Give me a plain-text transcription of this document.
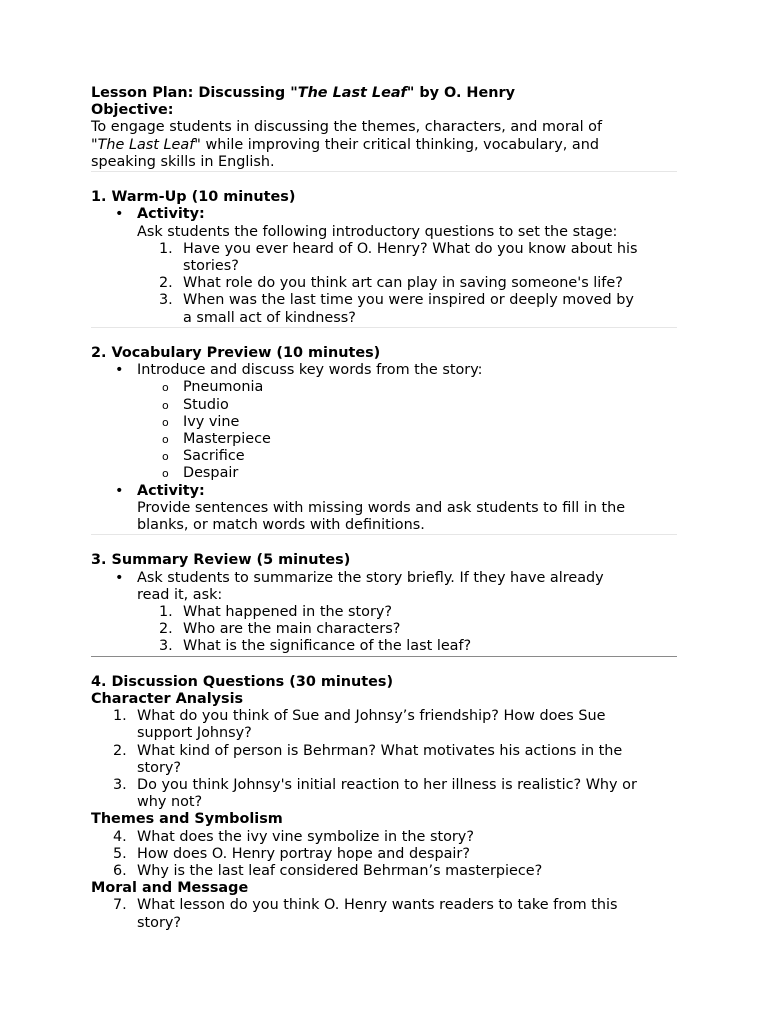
Lesson Plan: Discussing "The Last Leaf" by O. Henry

Objective:

To engage students in discussing the themes, characters, and moral of

"The Last Leaf" while improving their critical thinking, vocabulary, and

speaking skills in English.

1. Warm-Up (10 minutes)

• Activity:

Ask students the following introductory questions to set the stage:

1. Have you ever heard of O. Henry? What do you know about his

stories?

2. What role do you think art can play in saving someone's life?

3. When was the last time you were inspired or deeply moved by

a small act of kindness?

2. Vocabulary Preview (10 minutes)

• Introduce and discuss key words from the story:

o Pneumonia

o Studio

o Ivy vine

o Masterpiece

o Sacrifice

o Despair

• Activity:

Provide sentences with missing words and ask students to fill in the

blanks, or match words with definitions.

3. Summary Review (5 minutes)

• Ask students to summarize the story briefly. If they have already

read it, ask:

1. What happened in the story?

2. Who are the main characters?

3. What is the significance of the last leaf?

4. Discussion Questions (30 minutes)

Character Analysis

1. What do you think of Sue and Johnsy’s friendship? How does Sue

support Johnsy?

2. What kind of person is Behrman? What motivates his actions in the

story?

3. Do you think Johnsy's initial reaction to her illness is realistic? Why or

why not?

Themes and Symbolism

4. What does the ivy vine symbolize in the story?

5. How does O. Henry portray hope and despair?

6. Why is the last leaf considered Behrman’s masterpiece?

Moral and Message

7. What lesson do you think O. Henry wants readers to take from this

story?
